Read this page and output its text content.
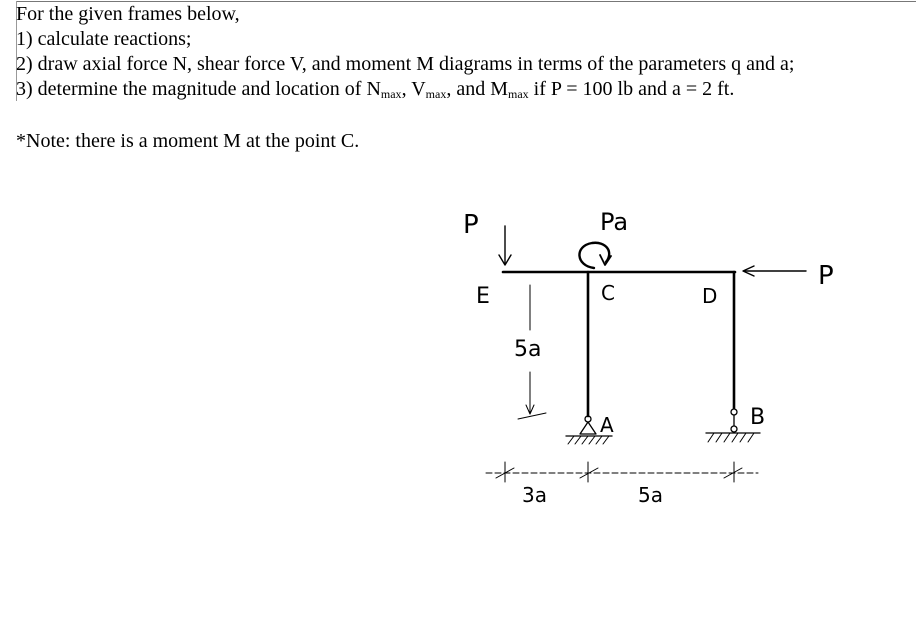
For the given frames below,
1) calculate reactions;
2) draw axial force N, shear force V, and moment M diagrams in terms of the parameters q and a;
3) determine the magnitude and location of $N_{max}$, $V_{max}$, and $M_{max}$ if P = 100 lb and a = 2 ft.
*Note: there is a moment M at the point C.
P
P
Pa
E	C	D
A	B
5a
3a	5a
